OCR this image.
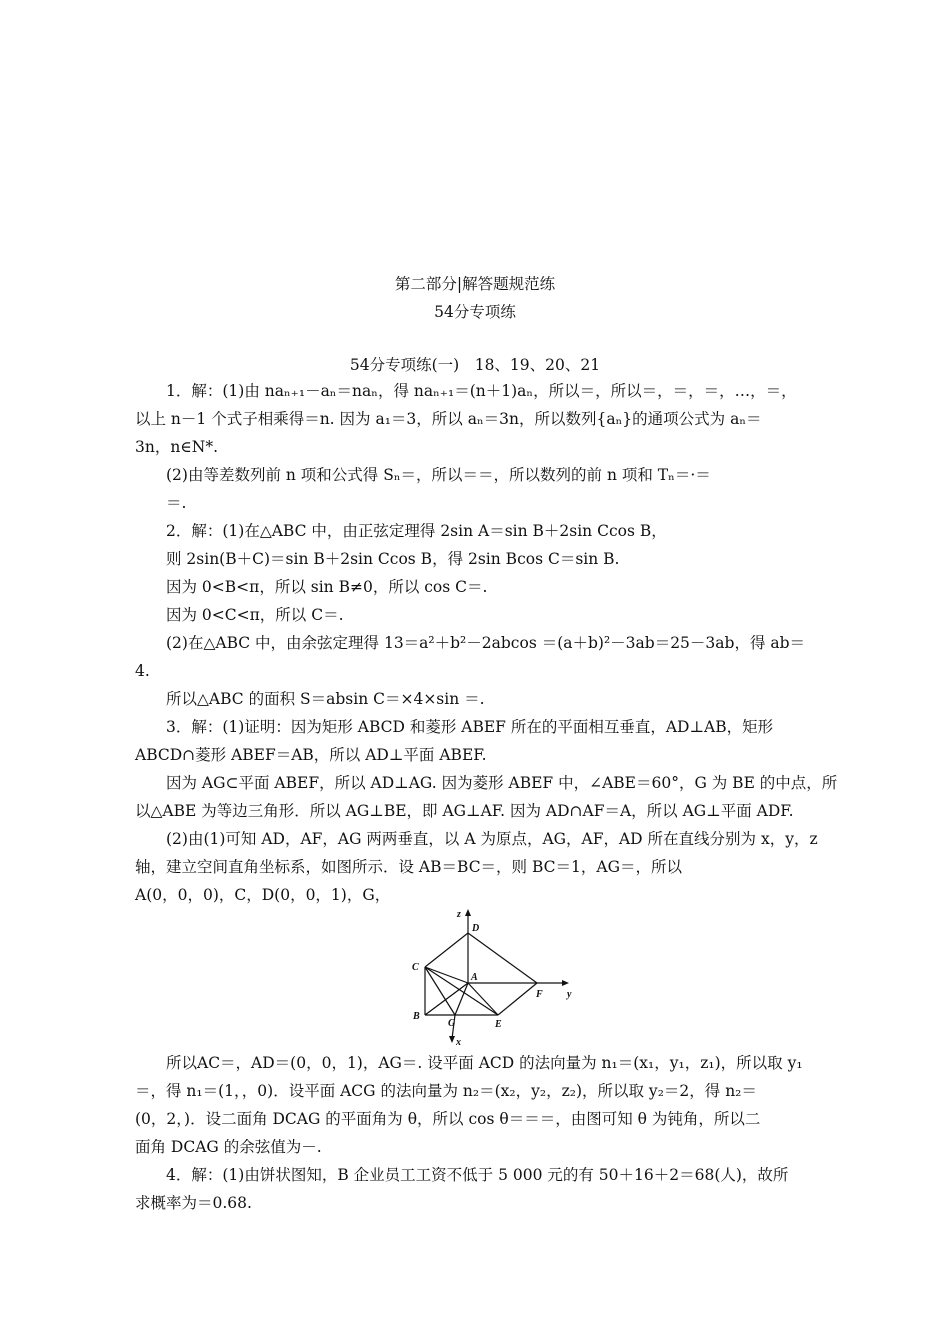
第二部分|解答题规范练
54分专项练
54分专项练(一)　18、19、20、21
1．解：(1)由 naₙ₊₁－aₙ＝naₙ，得 naₙ₊₁＝(n＋1)aₙ，所以＝，所以＝，＝，＝，…，＝，
以上 n－1 个式子相乘得＝n. 因为 a₁＝3，所以 aₙ＝3n，所以数列{aₙ}的通项公式为 aₙ＝
3n，n∈N*.
(2)由等差数列前 n 项和公式得 Sₙ＝，所以＝＝，所以数列的前 n 项和 Tₙ＝·＝
＝.
2．解：(1)在△ABC 中，由正弦定理得 2sin A＝sin B＋2sin Ccos B，
则 2sin(B＋C)＝sin B＋2sin Ccos B，得 2sin Bcos C＝sin B.
因为 0<B<π，所以 sin B≠0，所以 cos C＝.
因为 0<C<π，所以 C＝.
(2)在△ABC 中，由余弦定理得 13＝a²＋b²－2abcos ＝(a＋b)²－3ab＝25－3ab，得 ab＝
4.
所以△ABC 的面积 S＝absin C＝×4×sin ＝.
3．解：(1)证明：因为矩形 ABCD 和菱形 ABEF 所在的平面相互垂直，AD⊥AB，矩形
ABCD∩菱形 ABEF＝AB，所以 AD⊥平面 ABEF.
因为 AG⊂平面 ABEF，所以 AD⊥AG. 因为菱形 ABEF 中，∠ABE＝60°，G 为 BE 的中点，所
以△ABE 为等边三角形．所以 AG⊥BE，即 AG⊥AF. 因为 AD∩AF＝A，所以 AG⊥平面 ADF.
(2)由(1)可知 AD，AF，AG 两两垂直，以 A 为原点，AG，AF，AD 所在直线分别为 x，y，z
轴，建立空间直角坐标系，如图所示．设 AB＝BC＝，则 BC＝1，AG＝，所以
A(0，0，0)，C，D(0，0，1)，G，
z
y
x
A
B
C
D
E
F
G
所以AC＝，AD＝(0，0，1)，AG＝. 设平面 ACD 的法向量为 n₁＝(x₁，y₁，z₁)，所以取 y₁
＝，得 n₁＝(1，，0)．设平面 ACG 的法向量为 n₂＝(x₂，y₂，z₂)，所以取 y₂＝2，得 n₂＝
(0，2，)．设二面角 DCAG 的平面角为 θ，所以 cos θ＝＝＝，由图可知 θ 为钝角，所以二
面角 DCAG 的余弦值为－.
4．解：(1)由饼状图知，B 企业员工工资不低于 5 000 元的有 50＋16＋2＝68(人)，故所
求概率为＝0.68.
